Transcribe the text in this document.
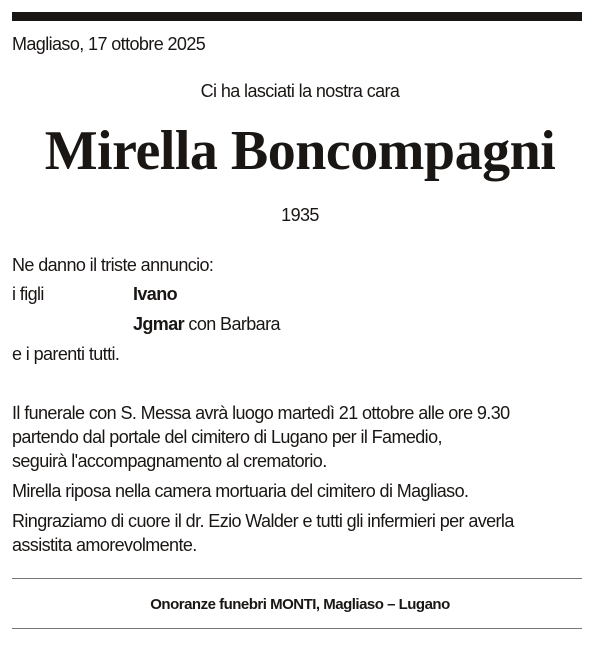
Magliaso, 17 ottobre 2025
Ci ha lasciati la nostra cara
Mirella Boncompagni
1935
Ne danno il triste annuncio:
i figli	Ivano
Jgmar con Barbara
e i parenti tutti.
Il funerale con S. Messa avrà luogo martedì 21 ottobre alle ore 9.30
partendo dal portale del cimitero di Lugano per il Famedio,
seguirà l'accompagnamento al crematorio.
Mirella riposa nella camera mortuaria del cimitero di Magliaso.
Ringraziamo di cuore il dr. Ezio Walder e tutti gli infermieri per averla
assistita amorevolmente.
Onoranze funebri MONTI, Magliaso – Lugano
